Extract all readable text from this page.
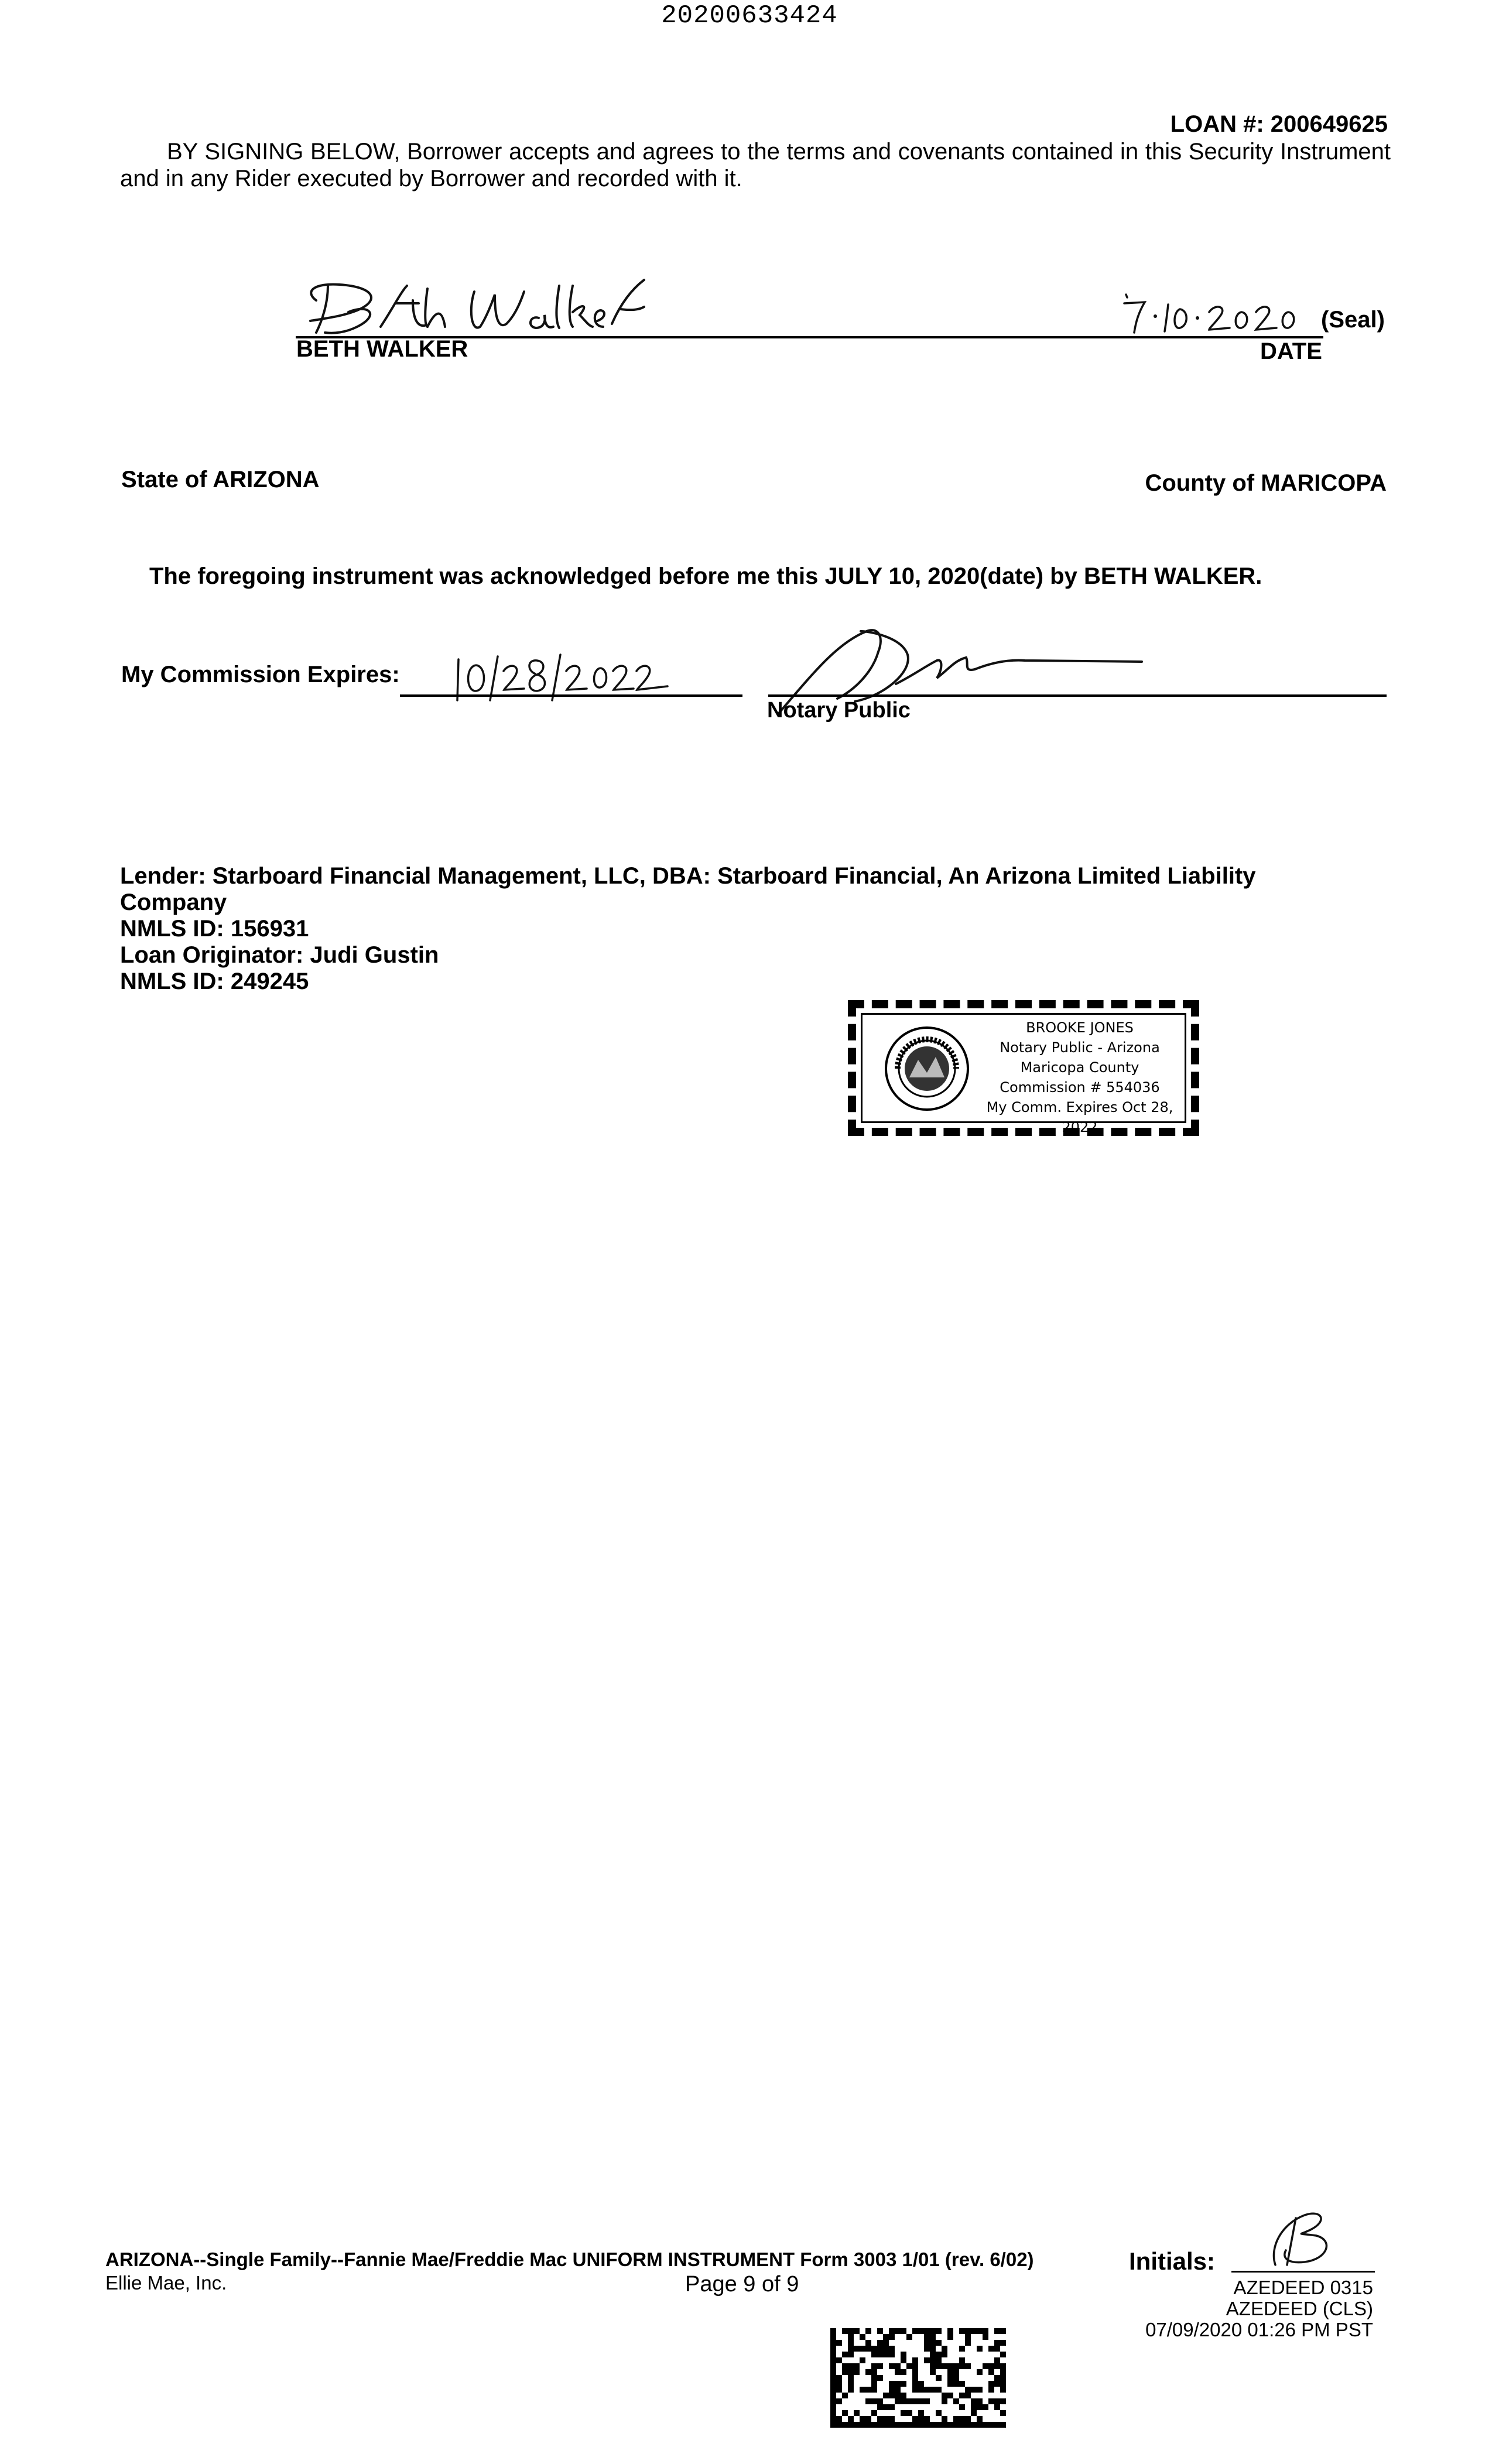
20200633424
LOAN #: 200649625
BY SIGNING BELOW, Borrower accepts and agrees to the terms and covenants contained in this Security Instrument and in any Rider executed by Borrower and recorded with it.
(Seal)
BETH WALKER	DATE
State of ARIZONA	County of MARICOPA
The foregoing instrument was acknowledged before me this JULY 10, 2020(date) by BETH WALKER.
My Commission Expires:
Notary Public
Lender: Starboard Financial Management, LLC, DBA: Starboard Financial, An Arizona Limited Liability Company
NMLS ID: 156931
Loan Originator: Judi Gustin
NMLS ID: 249245
BROOKE JONES
Notary Public - Arizona
Maricopa County
Commission # 554036
My Comm. Expires Oct 28, 2022
ARIZONA--Single Family--Fannie Mae/Freddie Mac UNIFORM INSTRUMENT Form 3003 1/01 (rev. 6/02)
Ellie Mae, Inc.	Page 9 of 9
Initials:
AZEDEED 0315
AZEDEED (CLS)
07/09/2020 01:26 PM PST
